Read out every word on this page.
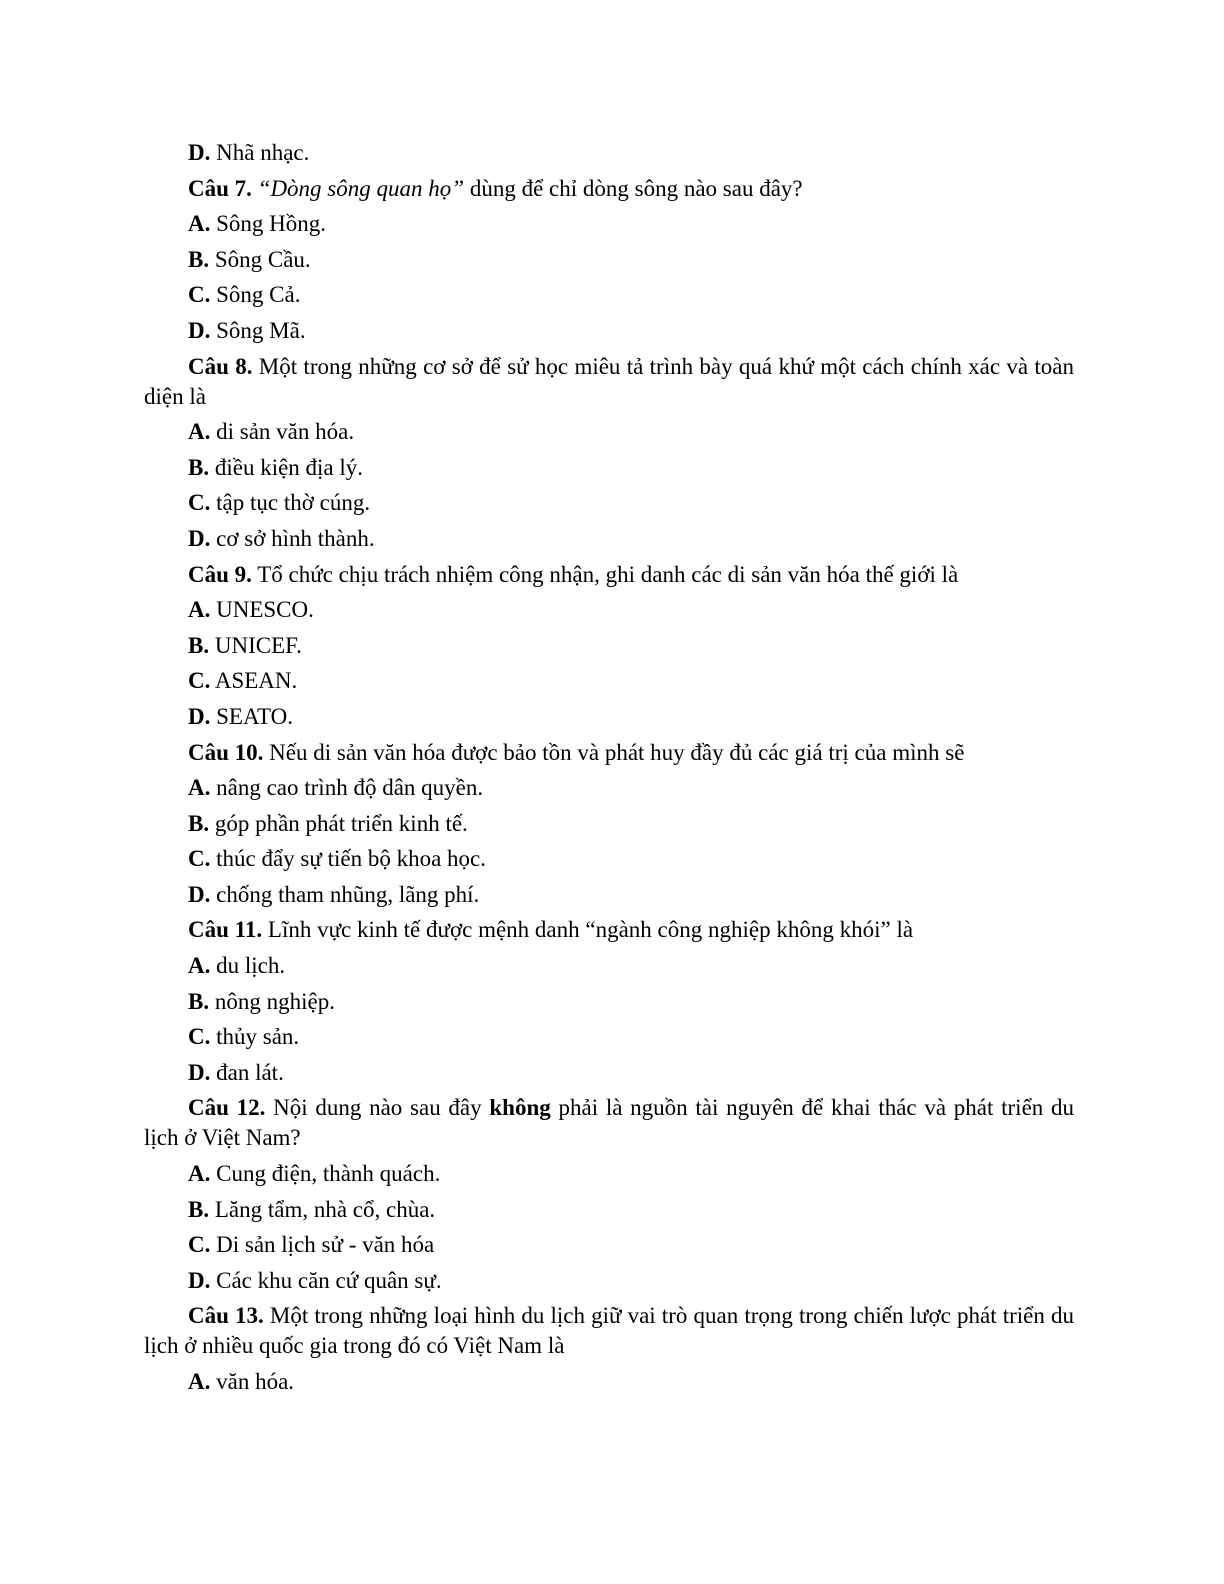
D. Nhã nhạc.
Câu 7. “Dòng sông quan họ” dùng để chỉ dòng sông nào sau đây?
A. Sông Hồng.
B. Sông Cầu.
C. Sông Cả.
D. Sông Mã.
Câu 8. Một trong những cơ sở để sử học miêu tả trình bày quá khứ một cách chính xác và toàn diện là
A. di sản văn hóa.
B. điều kiện địa lý.
C. tập tục thờ cúng.
D. cơ sở hình thành.
Câu 9. Tổ chức chịu trách nhiệm công nhận, ghi danh các di sản văn hóa thế giới là
A. UNESCO.
B. UNICEF.
C. ASEAN.
D. SEATO.
Câu 10. Nếu di sản văn hóa được bảo tồn và phát huy đầy đủ các giá trị của mình sẽ
A. nâng cao trình độ dân quyền.
B. góp phần phát triển kinh tế.
C. thúc đẩy sự tiến bộ khoa học.
D. chống tham nhũng, lãng phí.
Câu 11. Lĩnh vực kinh tế được mệnh danh “ngành công nghiệp không khói” là
A. du lịch.
B. nông nghiệp.
C. thủy sản.
D. đan lát.
Câu 12. Nội dung nào sau đây không phải là nguồn tài nguyên để khai thác và phát triển du lịch ở Việt Nam?
A. Cung điện, thành quách.
B. Lăng tẩm, nhà cổ, chùa.
C. Di sản lịch sử - văn hóa
D. Các khu căn cứ quân sự.
Câu 13. Một trong những loại hình du lịch giữ vai trò quan trọng trong chiến lược phát triển du lịch ở nhiều quốc gia trong đó có Việt Nam là
A. văn hóa.
